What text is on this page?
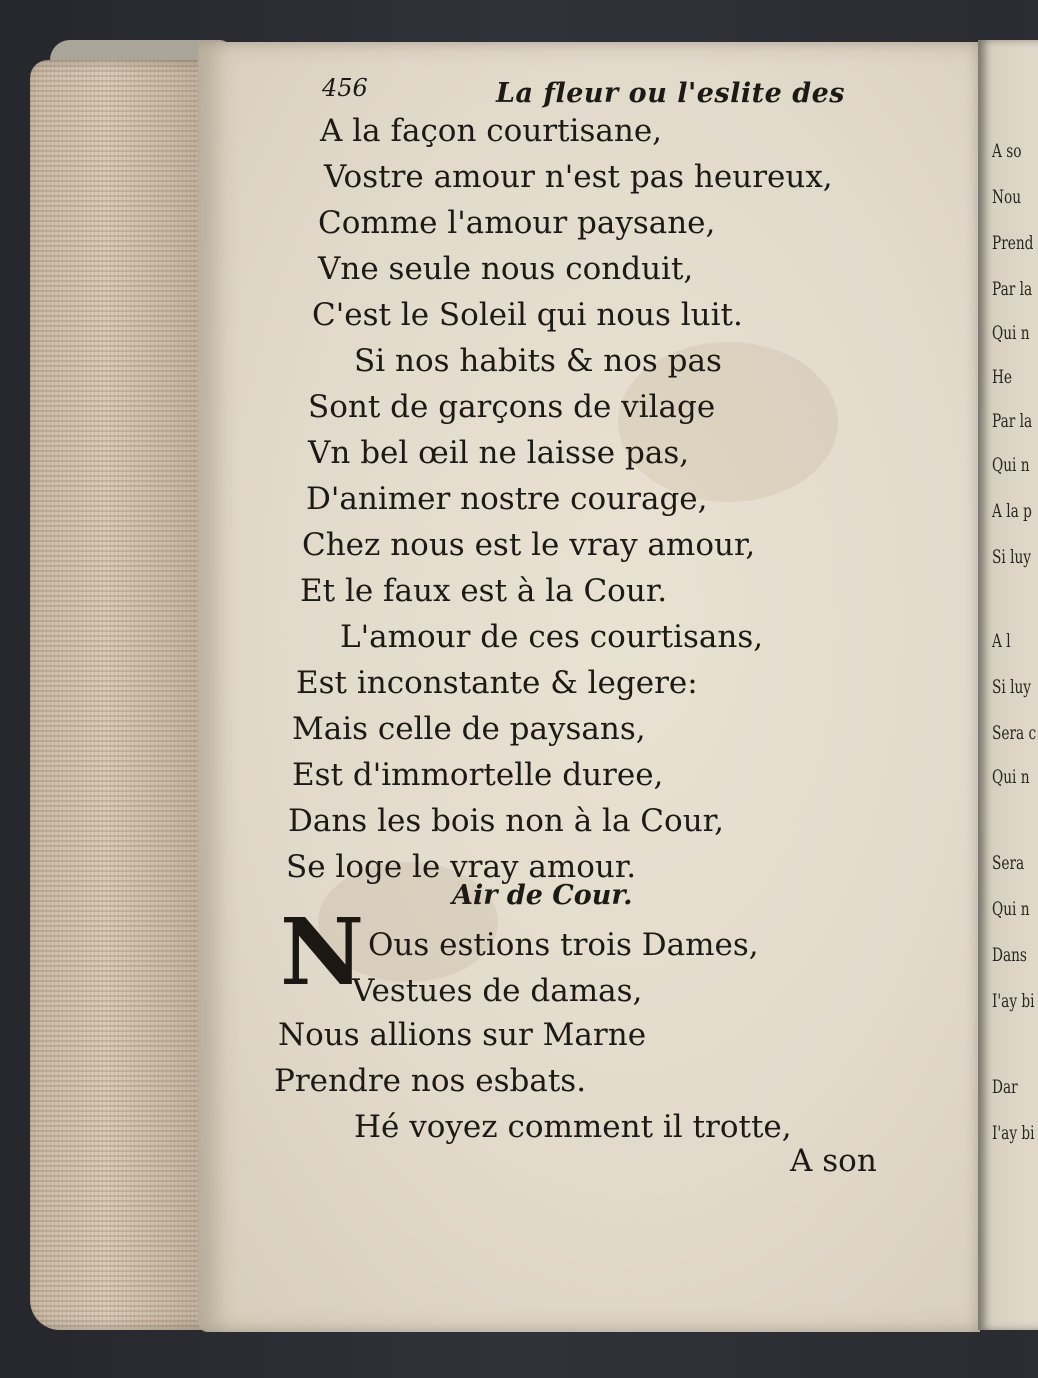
456	La fleur ou l'eslite des
A la façon courtisane,
Vostre amour n'est pas heureux,
Comme l'amour paysane,
Vne seule nous conduit,
C'est le Soleil qui nous luit.
Si nos habits & nos pas
Sont de garçons de vilage
Vn bel œil ne laisse pas,
D'animer nostre courage,
Chez nous est le vray amour,
Et le faux est à la Cour.
L'amour de ces courtisans,
Est inconstante & legere:
Mais celle de paysans,
Est d'immortelle duree,
Dans les bois non à la Cour,
Se loge le vray amour.
Air de Cour.
N Ous estions trois Dames,
Vestues de damas,
Nous allions sur Marne
Prendre nos esbats.
Hé voyez comment il trotte,
A son
A so
Nou
Prend
Par la
Qui n
He
Par la
Qui n
A la p
Si luy
A l
Si luy
Sera c
Qui n
Sera
Qui n
Dans
I'ay bi
Dar
I'ay bi
